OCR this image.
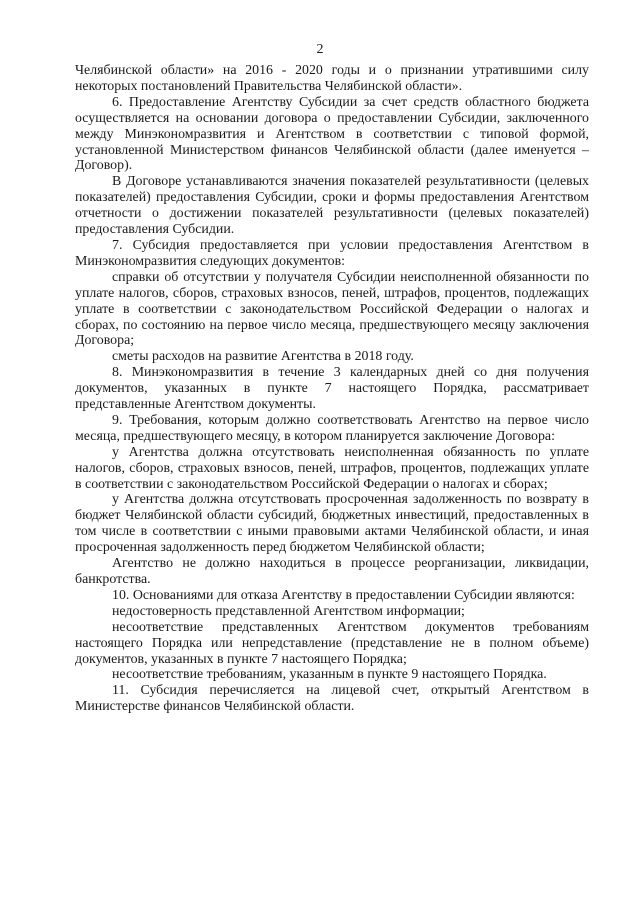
2

Челябинской области» на 2016 - 2020 годы и о признании утратившими силу некоторых постановлений Правительства Челябинской области».

6. Предоставление Агентству Субсидии за счет средств областного бюджета осуществляется на основании договора о предоставлении Субсидии, заключенного между Минэкономразвития и Агентством в соответствии с типовой формой, установленной Министерством финансов Челябинской области (далее именуется – Договор).

В Договоре устанавливаются значения показателей результативности (целевых показателей) предоставления Субсидии, сроки и формы предоставления Агентством отчетности о достижении показателей результативности (целевых показателей) предоставления Субсидии.

7. Субсидия предоставляется при условии предоставления Агентством в Минэкономразвития следующих документов:

справки об отсутствии у получателя Субсидии неисполненной обязанности по уплате налогов, сборов, страховых взносов, пеней, штрафов, процентов, подлежащих уплате в соответствии с законодательством Российской Федерации о налогах и сборах, по состоянию на первое число месяца, предшествующего месяцу заключения Договора;

сметы расходов на развитие Агентства в 2018 году.

8. Минэкономразвития в течение 3 календарных дней со дня получения документов, указанных в пункте 7 настоящего Порядка, рассматривает представленные Агентством документы.

9. Требования, которым должно соответствовать Агентство на первое число месяца, предшествующего месяцу, в котором планируется заключение Договора:

у Агентства должна отсутствовать неисполненная обязанность по уплате налогов, сборов, страховых взносов, пеней, штрафов, процентов, подлежащих уплате в соответствии с законодательством Российской Федерации о налогах и сборах;

у Агентства должна отсутствовать просроченная задолженность по возврату в бюджет Челябинской области субсидий, бюджетных инвестиций, предоставленных в том числе в соответствии с иными правовыми актами Челябинской области, и иная просроченная задолженность перед бюджетом Челябинской области;

Агентство не должно находиться в процессе реорганизации, ликвидации, банкротства.

10. Основаниями для отказа Агентству в предоставлении Субсидии являются:

недостоверность представленной Агентством информации;

несоответствие представленных Агентством документов требованиям настоящего Порядка или непредставление (представление не в полном объеме) документов, указанных в пункте 7 настоящего Порядка;

несоответствие требованиям, указанным в пункте 9 настоящего Порядка.

11. Субсидия перечисляется на лицевой счет, открытый Агентством в Министерстве финансов Челябинской области.
